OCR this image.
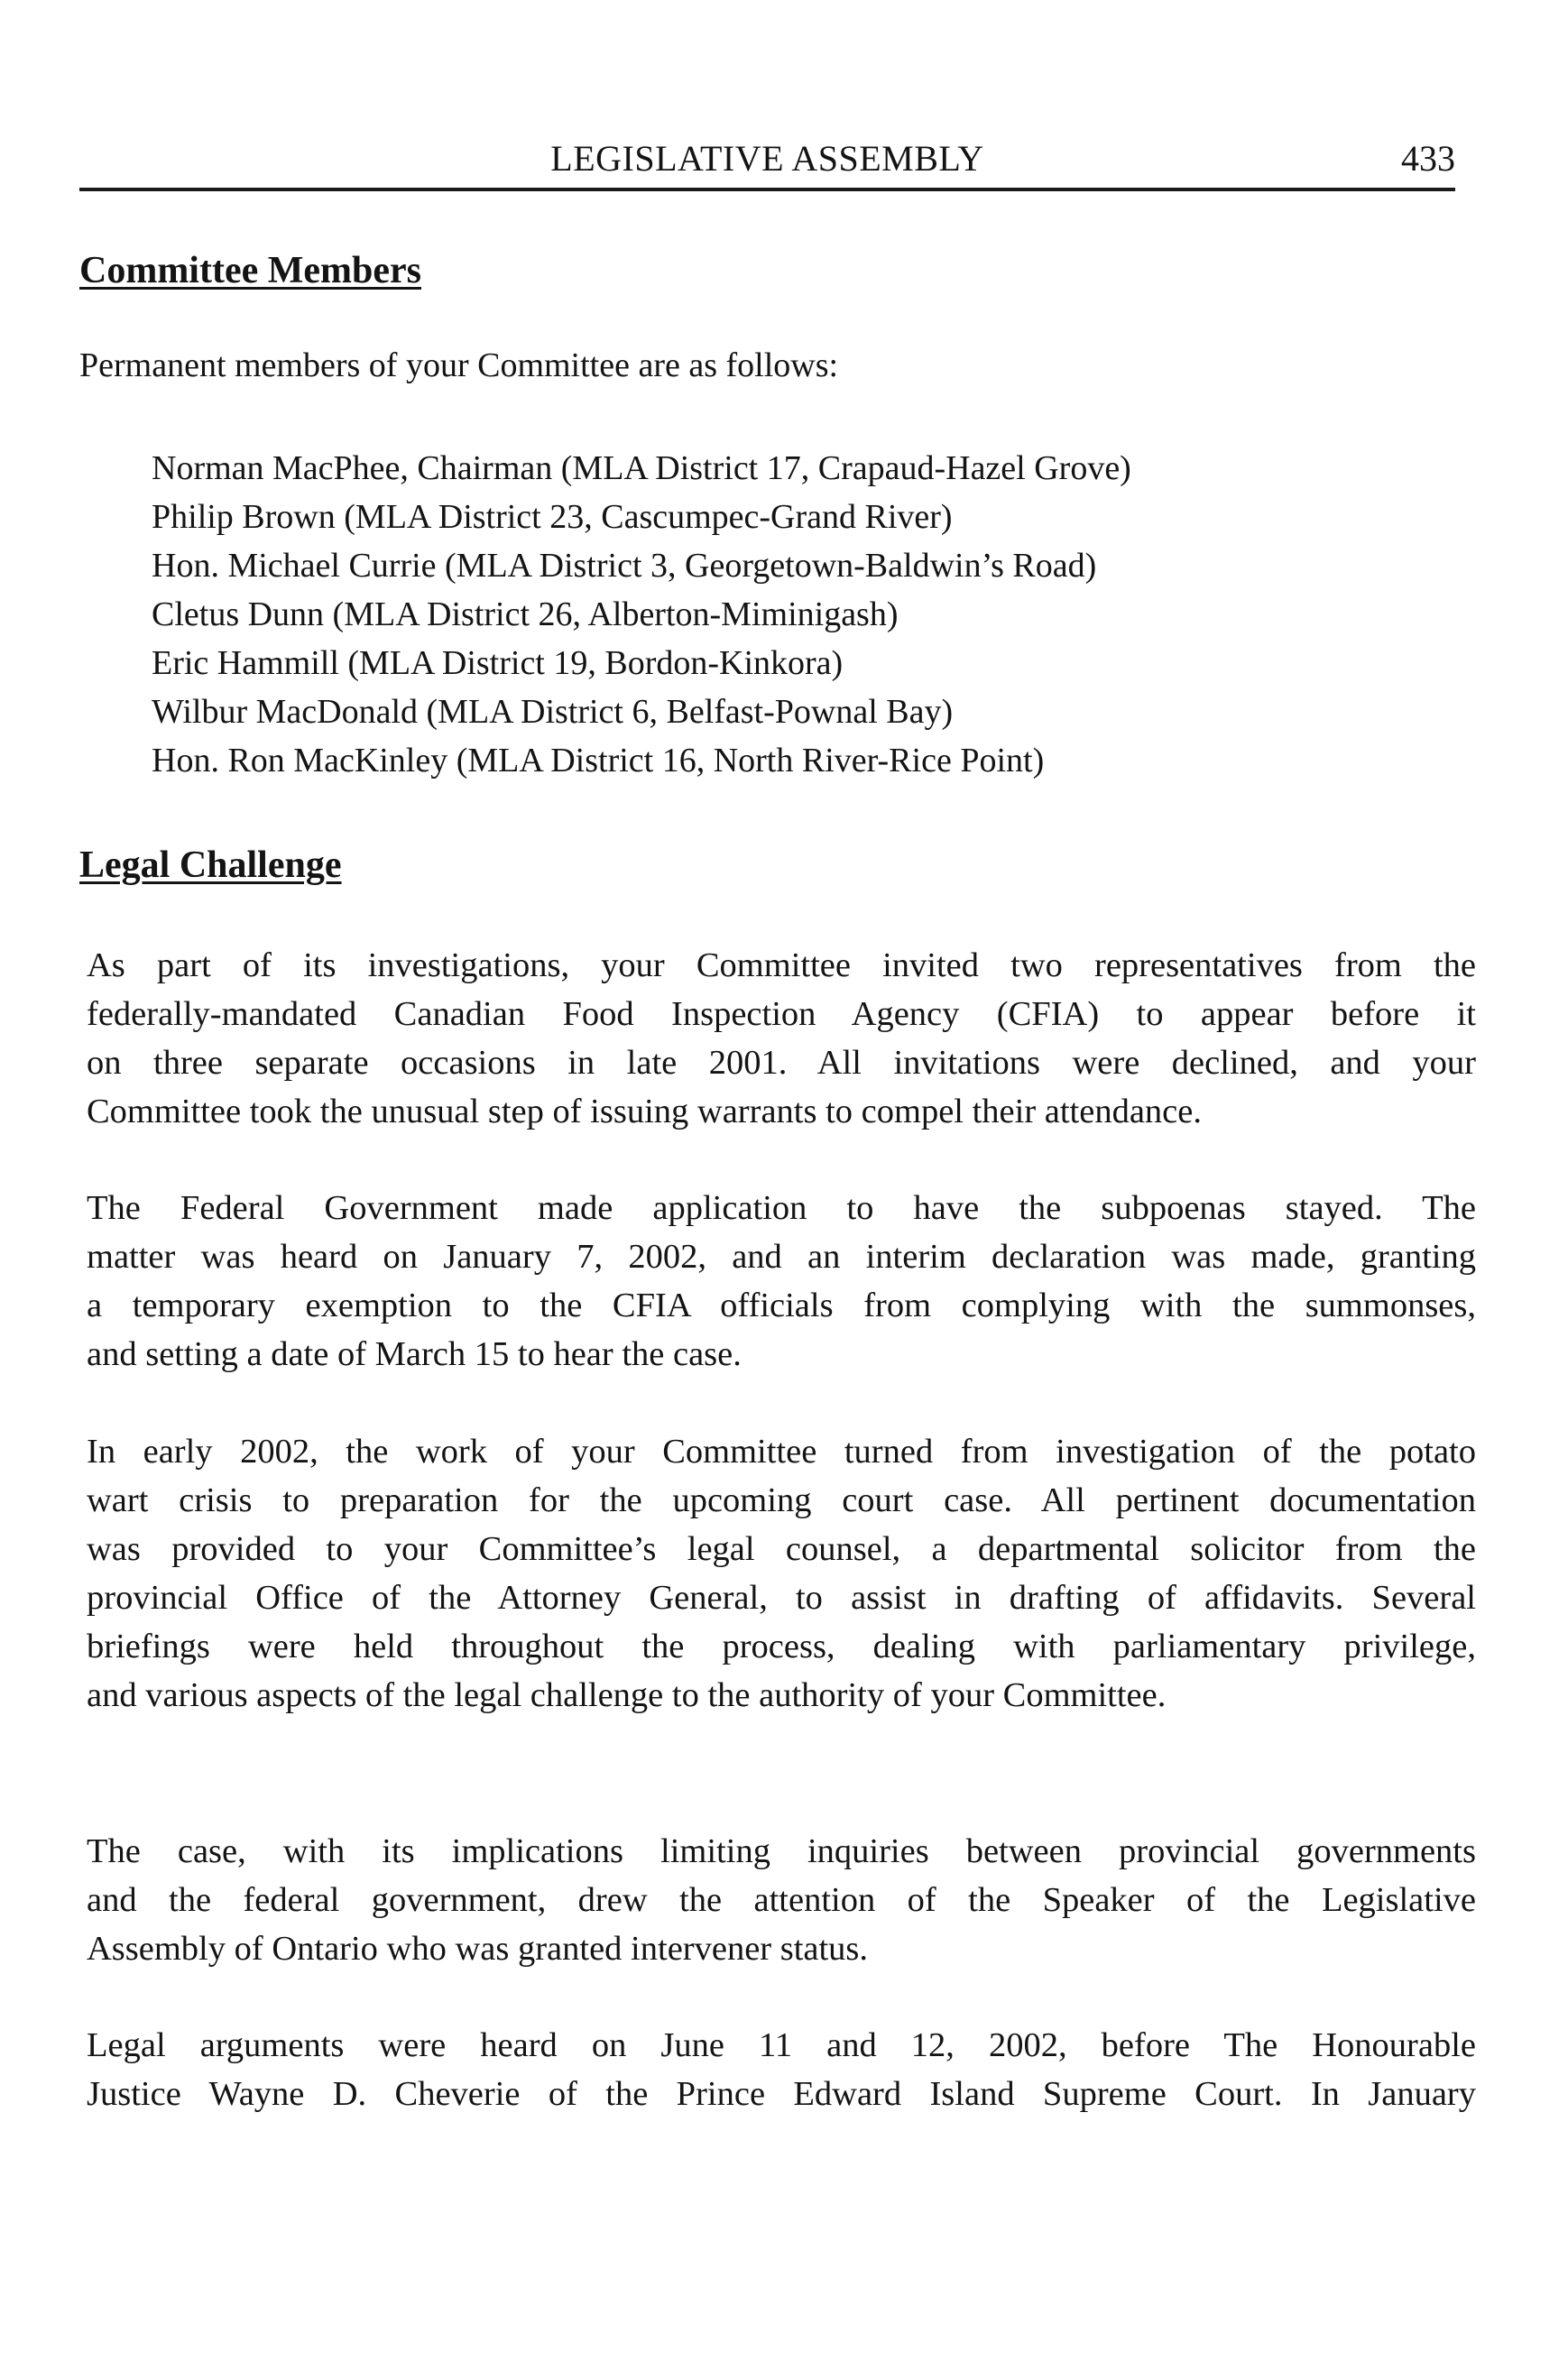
LEGISLATIVE ASSEMBLY	433
Committee Members

Permanent members of your Committee are as follows:

Norman MacPhee, Chairman (MLA District 17, Crapaud-Hazel Grove)
Philip Brown (MLA District 23, Cascumpec-Grand River)
Hon. Michael Currie (MLA District 3, Georgetown-Baldwin’s Road)
Cletus Dunn (MLA District 26, Alberton-Miminigash)
Eric Hammill (MLA District 19, Bordon-Kinkora)
Wilbur MacDonald (MLA District 6, Belfast-Pownal Bay)
Hon. Ron MacKinley (MLA District 16, North River-Rice Point)
Legal Challenge
As part of its investigations, your Committee invited two representatives from the
federally-mandated Canadian Food Inspection Agency (CFIA) to appear before it
on three separate occasions in late 2001. All invitations were declined, and your
Committee took the unusual step of issuing warrants to compel their attendance.
The Federal Government made application to have the subpoenas stayed. The
matter was heard on January 7, 2002, and an interim declaration was made, granting
a temporary exemption to the CFIA officials from complying with the summonses,
and setting a date of March 15 to hear the case.
In early 2002, the work of your Committee turned from investigation of the potato
wart crisis to preparation for the upcoming court case. All pertinent documentation
was provided to your Committee’s legal counsel, a departmental solicitor from the
provincial Office of the Attorney General, to assist in drafting of affidavits. Several
briefings were held throughout the process, dealing with parliamentary privilege,
and various aspects of the legal challenge to the authority of your Committee.
The case, with its implications limiting inquiries between provincial governments
and the federal government, drew the attention of the Speaker of the Legislative
Assembly of Ontario who was granted intervener status.
Legal arguments were heard on June 11 and 12, 2002, before The Honourable
Justice Wayne D. Cheverie of the Prince Edward Island Supreme Court. In January
